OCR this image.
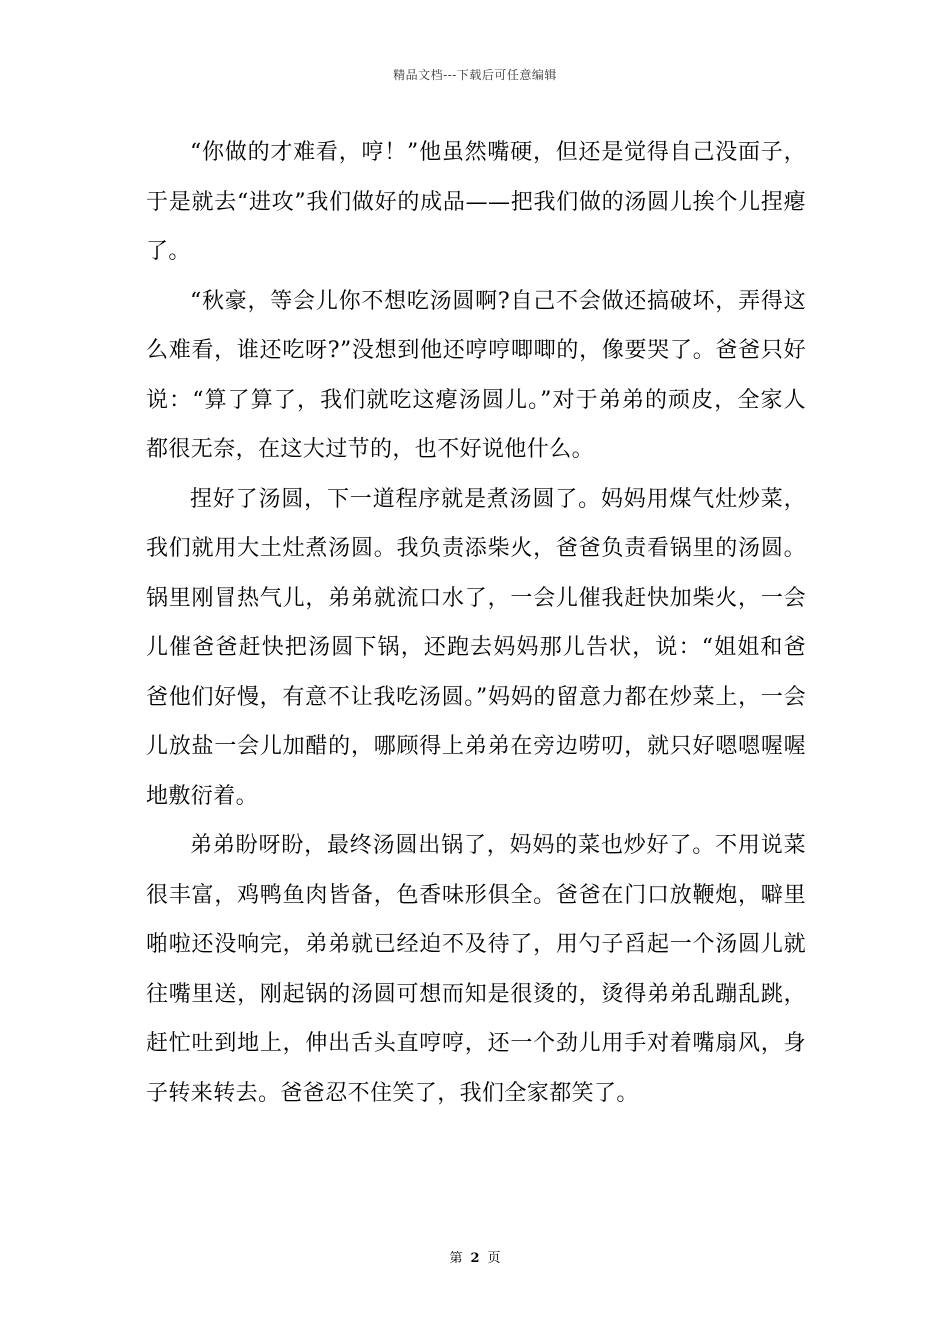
精品文档---下载后可任意编辑

“你做的才难看，哼！”他虽然嘴硬，但还是觉得自己没面子，于是就去“进攻”我们做好的成品——把我们做的汤圆儿挨个儿捏瘪了。

“秋豪，等会儿你不想吃汤圆啊?自己不会做还搞破坏，弄得这么难看，谁还吃呀?”没想到他还哼哼唧唧的，像要哭了。爸爸只好说：“算了算了，我们就吃这瘪汤圆儿。”对于弟弟的顽皮，全家人都很无奈，在这大过节的，也不好说他什么。

捏好了汤圆，下一道程序就是煮汤圆了。妈妈用煤气灶炒菜，我们就用大土灶煮汤圆。我负责添柴火，爸爸负责看锅里的汤圆。锅里刚冒热气儿，弟弟就流口水了，一会儿催我赶快加柴火，一会儿催爸爸赶快把汤圆下锅，还跑去妈妈那儿告状，说：“姐姐和爸爸他们好慢，有意不让我吃汤圆。”妈妈的留意力都在炒菜上，一会儿放盐一会儿加醋的，哪顾得上弟弟在旁边唠叨，就只好嗯嗯喔喔地敷衍着。

弟弟盼呀盼，最终汤圆出锅了，妈妈的菜也炒好了。不用说菜很丰富，鸡鸭鱼肉皆备，色香味形俱全。爸爸在门口放鞭炮，噼里啪啦还没响完，弟弟就已经迫不及待了，用勺子舀起一个汤圆儿就往嘴里送，刚起锅的汤圆可想而知是很烫的，烫得弟弟乱蹦乱跳，赶忙吐到地上，伸出舌头直哼哼，还一个劲儿用手对着嘴扇风，身子转来转去。爸爸忍不住笑了，我们全家都笑了。

第 2 页
